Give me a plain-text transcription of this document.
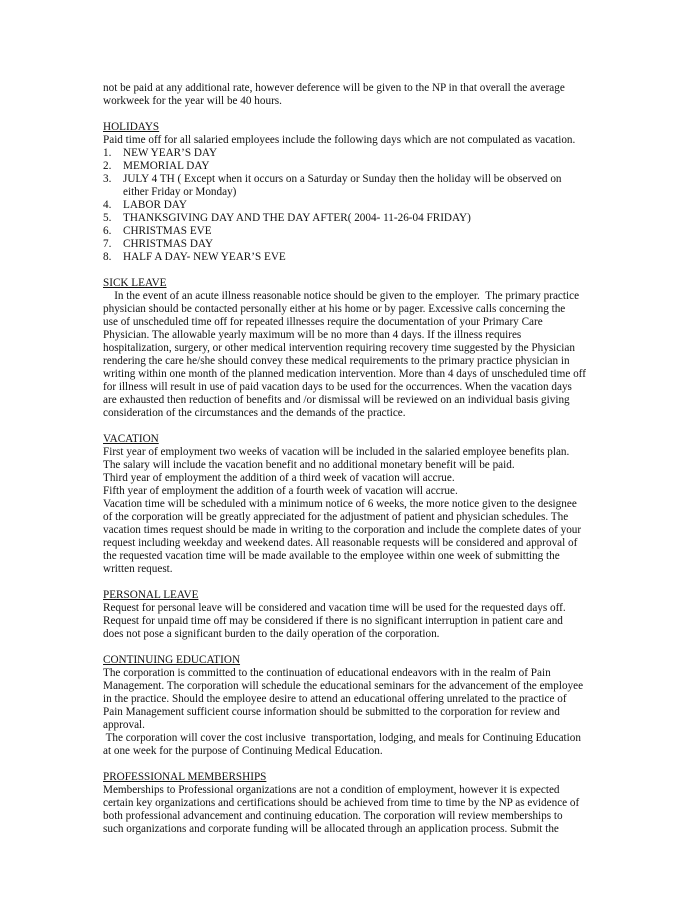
not be paid at any additional rate, however deference will be given to the NP in that overall the average
workweek for the year will be 40 hours.
HOLIDAYS
Paid time off for all salaried employees include the following days which are not compulated as vacation.
1.	NEW YEAR’S DAY
2.	MEMORIAL DAY
3.	JULY 4 TH ( Except when it occurs on a Saturday or Sunday then the holiday will be observed on
either Friday or Monday)
4.	LABOR DAY
5.	THANKSGIVING DAY AND THE DAY AFTER( 2004- 11-26-04 FRIDAY)
6.	CHRISTMAS EVE
7.	CHRISTMAS DAY
8.	HALF A DAY- NEW YEAR’S EVE
SICK LEAVE
In the event of an acute illness reasonable notice should be given to the employer.  The primary practice
physician should be contacted personally either at his home or by pager. Excessive calls concerning the
use of unscheduled time off for repeated illnesses require the documentation of your Primary Care
Physician. The allowable yearly maximum will be no more than 4 days. If the illness requires
hospitalization, surgery, or other medical intervention requiring recovery time suggested by the Physician
rendering the care he/she should convey these medical requirements to the primary practice physician in
writing within one month of the planned medication intervention. More than 4 days of unscheduled time off
for illness will result in use of paid vacation days to be used for the occurrences. When the vacation days
are exhausted then reduction of benefits and /or dismissal will be reviewed on an individual basis giving
consideration of the circumstances and the demands of the practice.
VACATION
First year of employment two weeks of vacation will be included in the salaried employee benefits plan.
The salary will include the vacation benefit and no additional monetary benefit will be paid.
Third year of employment the addition of a third week of vacation will accrue.
Fifth year of employment the addition of a fourth week of vacation will accrue.
Vacation time will be scheduled with a minimum notice of 6 weeks, the more notice given to the designee
of the corporation will be greatly appreciated for the adjustment of patient and physician schedules. The
vacation times request should be made in writing to the corporation and include the complete dates of your
request including weekday and weekend dates. All reasonable requests will be considered and approval of
the requested vacation time will be made available to the employee within one week of submitting the
written request.
PERSONAL LEAVE
Request for personal leave will be considered and vacation time will be used for the requested days off.
Request for unpaid time off may be considered if there is no significant interruption in patient care and
does not pose a significant burden to the daily operation of the corporation.
CONTINUING EDUCATION
The corporation is committed to the continuation of educational endeavors with in the realm of Pain
Management. The corporation will schedule the educational seminars for the advancement of the employee
in the practice. Should the employee desire to attend an educational offering unrelated to the practice of
Pain Management sufficient course information should be submitted to the corporation for review and
approval.
The corporation will cover the cost inclusive  transportation, lodging, and meals for Continuing Education
at one week for the purpose of Continuing Medical Education.
PROFESSIONAL MEMBERSHIPS
Memberships to Professional organizations are not a condition of employment, however it is expected
certain key organizations and certifications should be achieved from time to time by the NP as evidence of
both professional advancement and continuing education. The corporation will review memberships to
such organizations and corporate funding will be allocated through an application process. Submit the
